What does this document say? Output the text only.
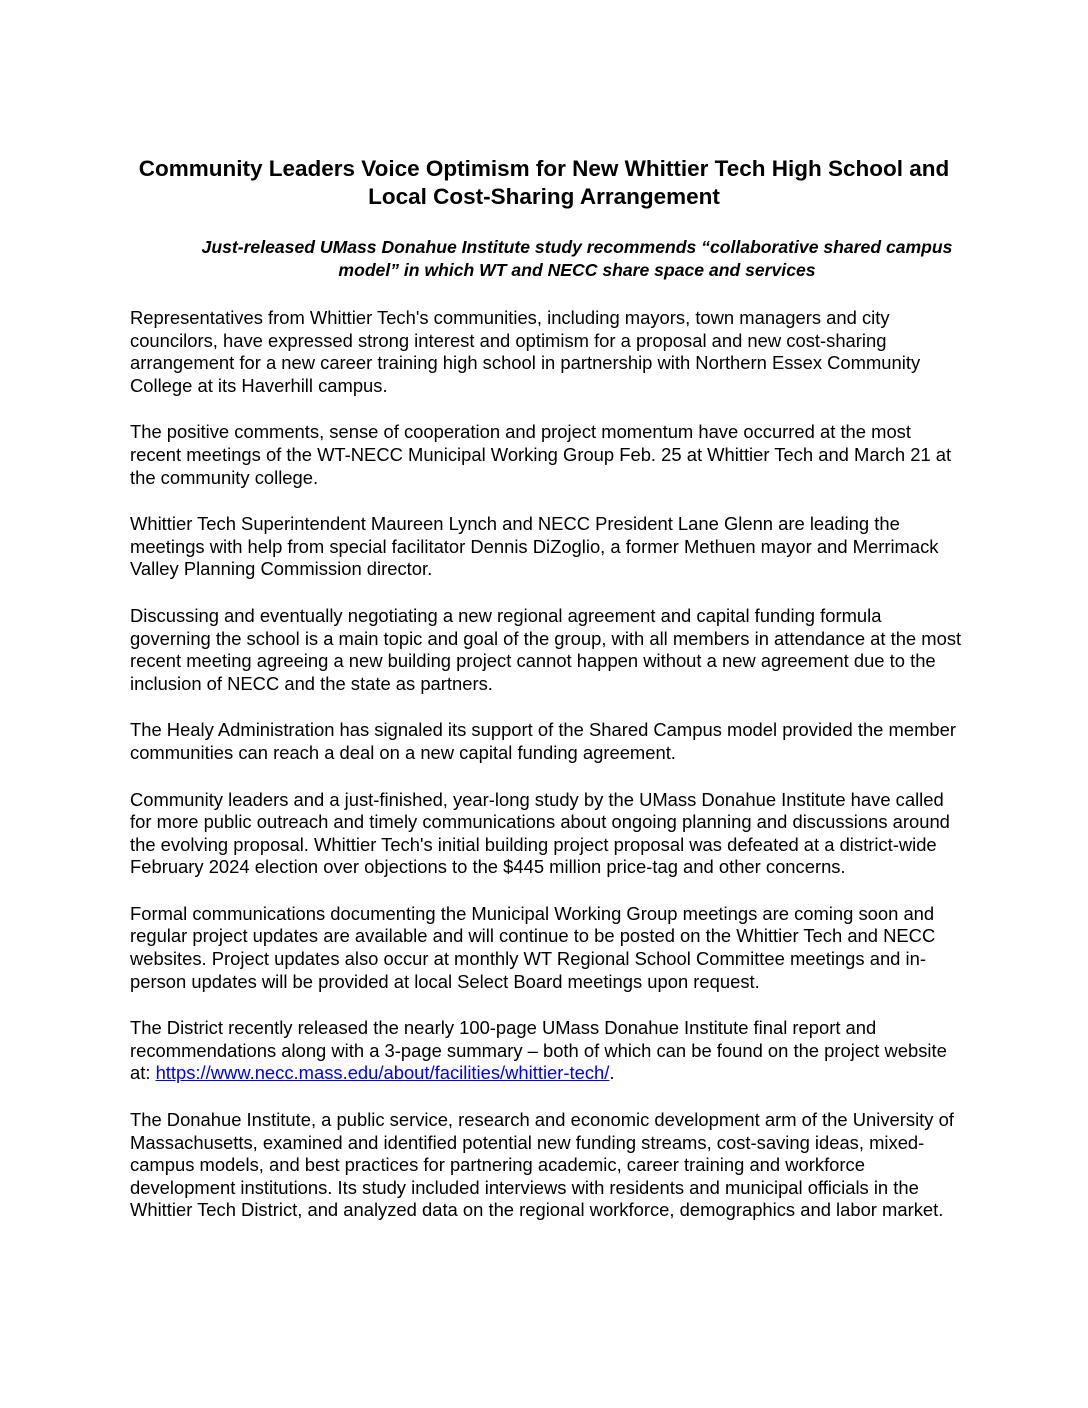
Community Leaders Voice Optimism for New Whittier Tech High School and Local Cost-Sharing Arrangement
Just-released UMass Donahue Institute study recommends “collaborative shared campus model” in which WT and NECC share space and services

Representatives from Whittier Tech's communities, including mayors, town managers and city councilors, have expressed strong interest and optimism for a proposal and new cost-sharing arrangement for a new career training high school in partnership with Northern Essex Community College at its Haverhill campus.

The positive comments, sense of cooperation and project momentum have occurred at the most recent meetings of the WT-NECC Municipal Working Group Feb. 25 at Whittier Tech and March 21 at the community college.

Whittier Tech Superintendent Maureen Lynch and NECC President Lane Glenn are leading the meetings with help from special facilitator Dennis DiZoglio, a former Methuen mayor and Merrimack Valley Planning Commission director.

Discussing and eventually negotiating a new regional agreement and capital funding formula governing the school is a main topic and goal of the group, with all members in attendance at the most recent meeting agreeing a new building project cannot happen without a new agreement due to the inclusion of NECC and the state as partners.

The Healy Administration has signaled its support of the Shared Campus model provided the member communities can reach a deal on a new capital funding agreement.

Community leaders and a just-finished, year-long study by the UMass Donahue Institute have called for more public outreach and timely communications about ongoing planning and discussions around the evolving proposal. Whittier Tech's initial building project proposal was defeated at a district-wide February 2024 election over objections to the $445 million price-tag and other concerns.

Formal communications documenting the Municipal Working Group meetings are coming soon and regular project updates are available and will continue to be posted on the Whittier Tech and NECC websites. Project updates also occur at monthly WT Regional School Committee meetings and in-person updates will be provided at local Select Board meetings upon request.

The District recently released the nearly 100-page UMass Donahue Institute final report and recommendations along with a 3-page summary – both of which can be found on the project website at: https://www.necc.mass.edu/about/facilities/whittier-tech/.

The Donahue Institute, a public service, research and economic development arm of the University of Massachusetts, examined and identified potential new funding streams, cost-saving ideas, mixed-campus models, and best practices for partnering academic, career training and workforce development institutions. Its study included interviews with residents and municipal officials in the Whittier Tech District, and analyzed data on the regional workforce, demographics and labor market.
